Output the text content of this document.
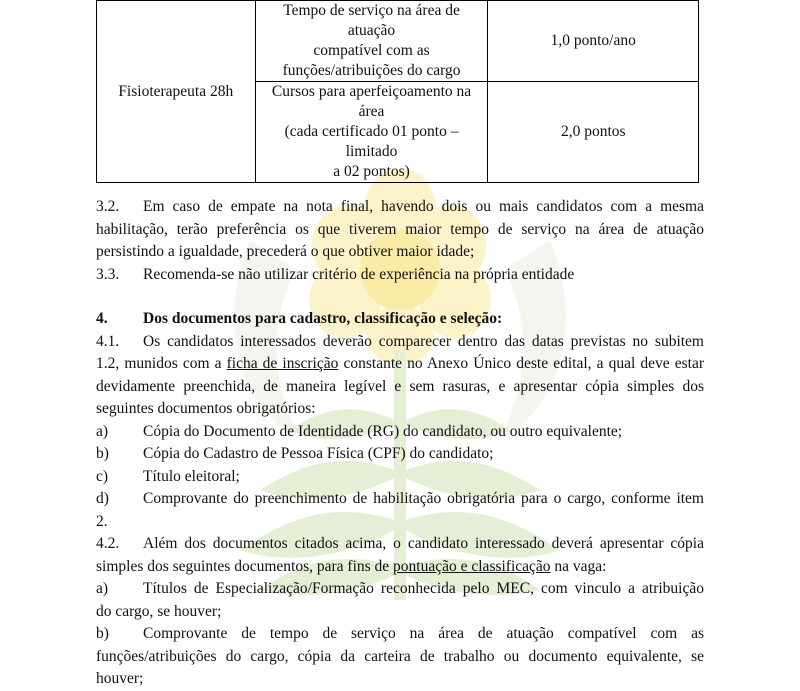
Fisioterapeuta 28h	Tempo de serviço na área de atuação
compatível com as
funções/atribuições do cargo	1,0 ponto/ano
	Cursos para aperfeiçoamento na área
(cada certificado 01 ponto – limitado
a 02 pontos)	2,0 pontos

3.2. Em caso de empate na nota final, havendo dois ou mais candidatos com a mesma

habilitação, terão preferência os que tiverem maior tempo de serviço na área de atuação

persistindo a igualdade, precederá o que obtiver maior idade;

3.3. Recomenda-se não utilizar critério de experiência na própria entidade

4. Dos documentos para cadastro, classificação e seleção:

4.1. Os candidatos interessados deverão comparecer dentro das datas previstas no subitem

1.2, munidos com a ficha de inscrição constante no Anexo Único deste edital, a qual deve estar

devidamente preenchida, de maneira legível e sem rasuras, e apresentar cópia simples dos

seguintes documentos obrigatórios:

a) Cópia do Documento de Identidade (RG) do candidato, ou outro equivalente;

b) Cópia do Cadastro de Pessoa Física (CPF) do candidato;

c) Título eleitoral;

d) Comprovante do preenchimento de habilitação obrigatória para o cargo, conforme item

2.

4.2. Além dos documentos citados acima, o candidato interessado deverá apresentar cópia

simples dos seguintes documentos, para fins de pontuação e classificação na vaga:

a) Títulos de Especialização/Formação reconhecida pelo MEC, com vinculo a atribuição

do cargo, se houver;

b) Comprovante de tempo de serviço na área de atuação compatível com as

funções/atribuições do cargo, cópia da carteira de trabalho ou documento equivalente, se

houver;
